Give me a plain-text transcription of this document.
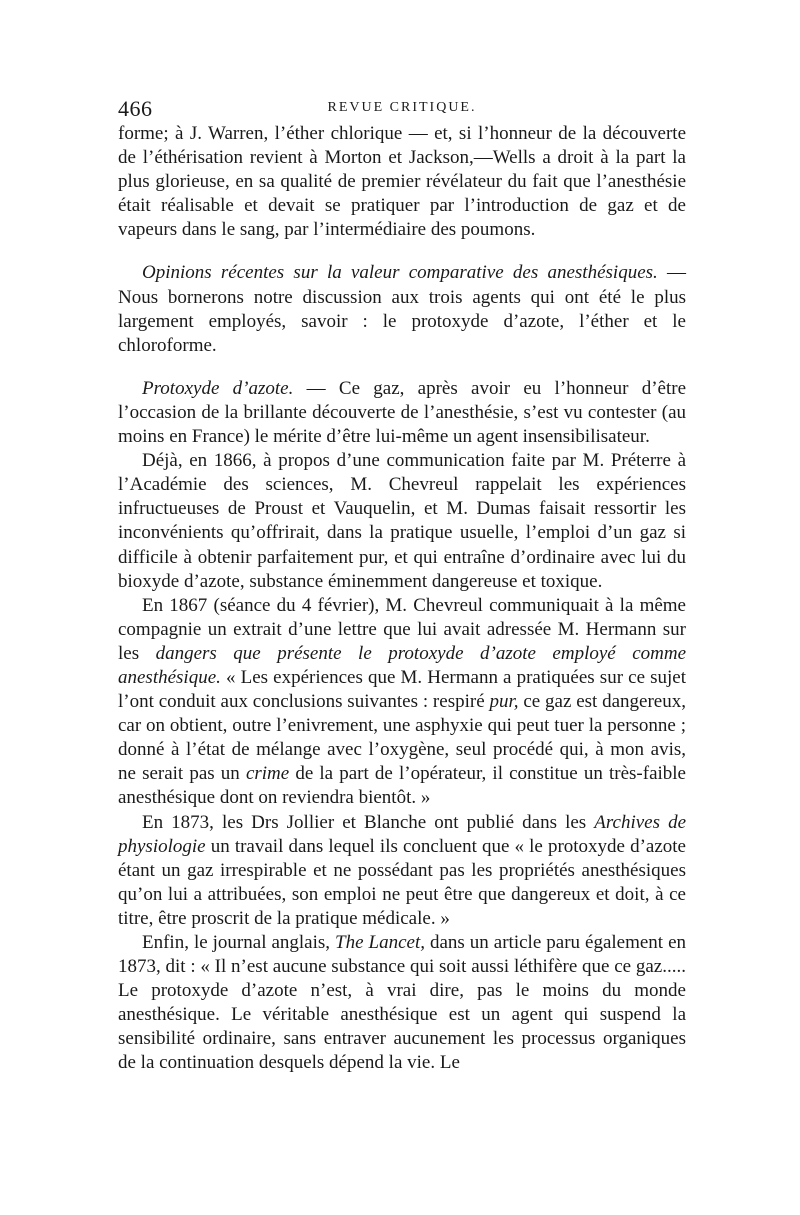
466	REVUE CRITIQUE.

forme; à J. Warren, l’éther chlorique — et, si l’honneur de la découverte de l’éthérisation revient à Morton et Jackson,—Wells a droit à la part la plus glorieuse, en sa qualité de premier révélateur du fait que l’anesthésie était réalisable et devait se pratiquer par l’introduction de gaz et de vapeurs dans le sang, par l’intermédiaire des poumons.

Opinions récentes sur la valeur comparative des anesthésiques. — Nous bornerons notre discussion aux trois agents qui ont été le plus largement employés, savoir : le protoxyde d’azote, l’éther et le chloroforme.

Protoxyde d’azote. — Ce gaz, après avoir eu l’honneur d’être l’occasion de la brillante découverte de l’anesthésie, s’est vu contester (au moins en France) le mérite d’être lui-même un agent insensibilisateur.

Déjà, en 1866, à propos d’une communication faite par M. Préterre à l’Académie des sciences, M. Chevreul rappelait les expériences infructueuses de Proust et Vauquelin, et M. Dumas faisait ressortir les inconvénients qu’offrirait, dans la pratique usuelle, l’emploi d’un gaz si difficile à obtenir parfaitement pur, et qui entraîne d’ordinaire avec lui du bioxyde d’azote, substance éminemment dangereuse et toxique.

En 1867 (séance du 4 février), M. Chevreul communiquait à la même compagnie un extrait d’une lettre que lui avait adressée M. Hermann sur les dangers que présente le protoxyde d’azote employé comme anesthésique. « Les expériences que M. Hermann a pratiquées sur ce sujet l’ont conduit aux conclusions suivantes : respiré pur, ce gaz est dangereux, car on obtient, outre l’enivrement, une asphyxie qui peut tuer la personne ; donné à l’état de mélange avec l’oxygène, seul procédé qui, à mon avis, ne serait pas un crime de la part de l’opérateur, il constitue un très-faible anesthésique dont on reviendra bientôt. »

En 1873, les Drs Jollier et Blanche ont publié dans les Archives de physiologie un travail dans lequel ils concluent que « le protoxyde d’azote étant un gaz irrespirable et ne possédant pas les propriétés anesthésiques qu’on lui a attribuées, son emploi ne peut être que dangereux et doit, à ce titre, être proscrit de la pratique médicale. »

Enfin, le journal anglais, The Lancet, dans un article paru également en 1873, dit : « Il n’est aucune substance qui soit aussi léthifère que ce gaz..... Le protoxyde d’azote n’est, à vrai dire, pas le moins du monde anesthésique. Le véritable anesthésique est un agent qui suspend la sensibilité ordinaire, sans entraver aucunement les processus organiques de la continuation desquels dépend la vie. Le
